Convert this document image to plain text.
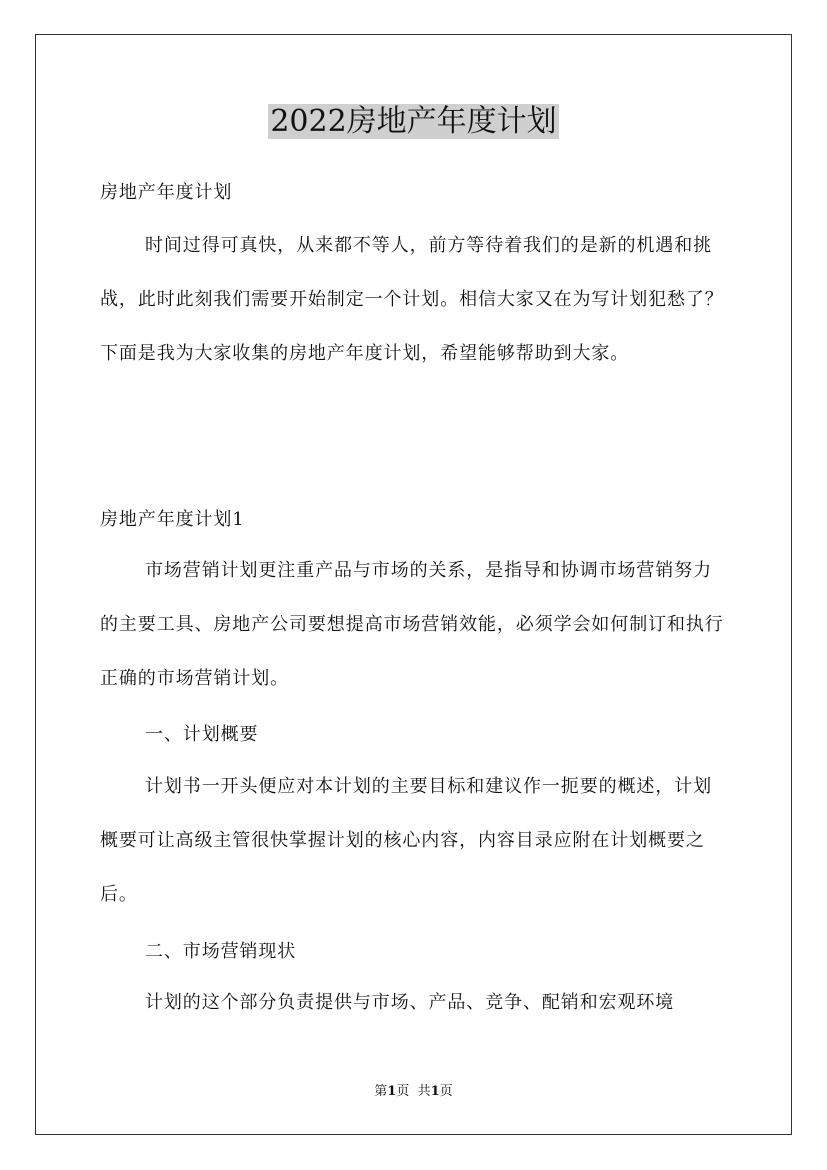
2022房地产年度计划
房地产年度计划

时间过得可真快，从来都不等人，前方等待着我们的是新的机遇和挑战，此时此刻我们需要开始制定一个计划。相信大家又在为写计划犯愁了？下面是我为大家收集的房地产年度计划，希望能够帮助到大家。

房地产年度计划1

市场营销计划更注重产品与市场的关系，是指导和协调市场营销努力的主要工具、房地产公司要想提高市场营销效能，必须学会如何制订和执行正确的市场营销计划。

一、计划概要

计划书一开头便应对本计划的主要目标和建议作一扼要的概述，计划概要可让高级主管很快掌握计划的核心内容，内容目录应附在计划概要之后。

二、市场营销现状

计划的这个部分负责提供与市场、产品、竞争、配销和宏观环境

第1页 共1页
